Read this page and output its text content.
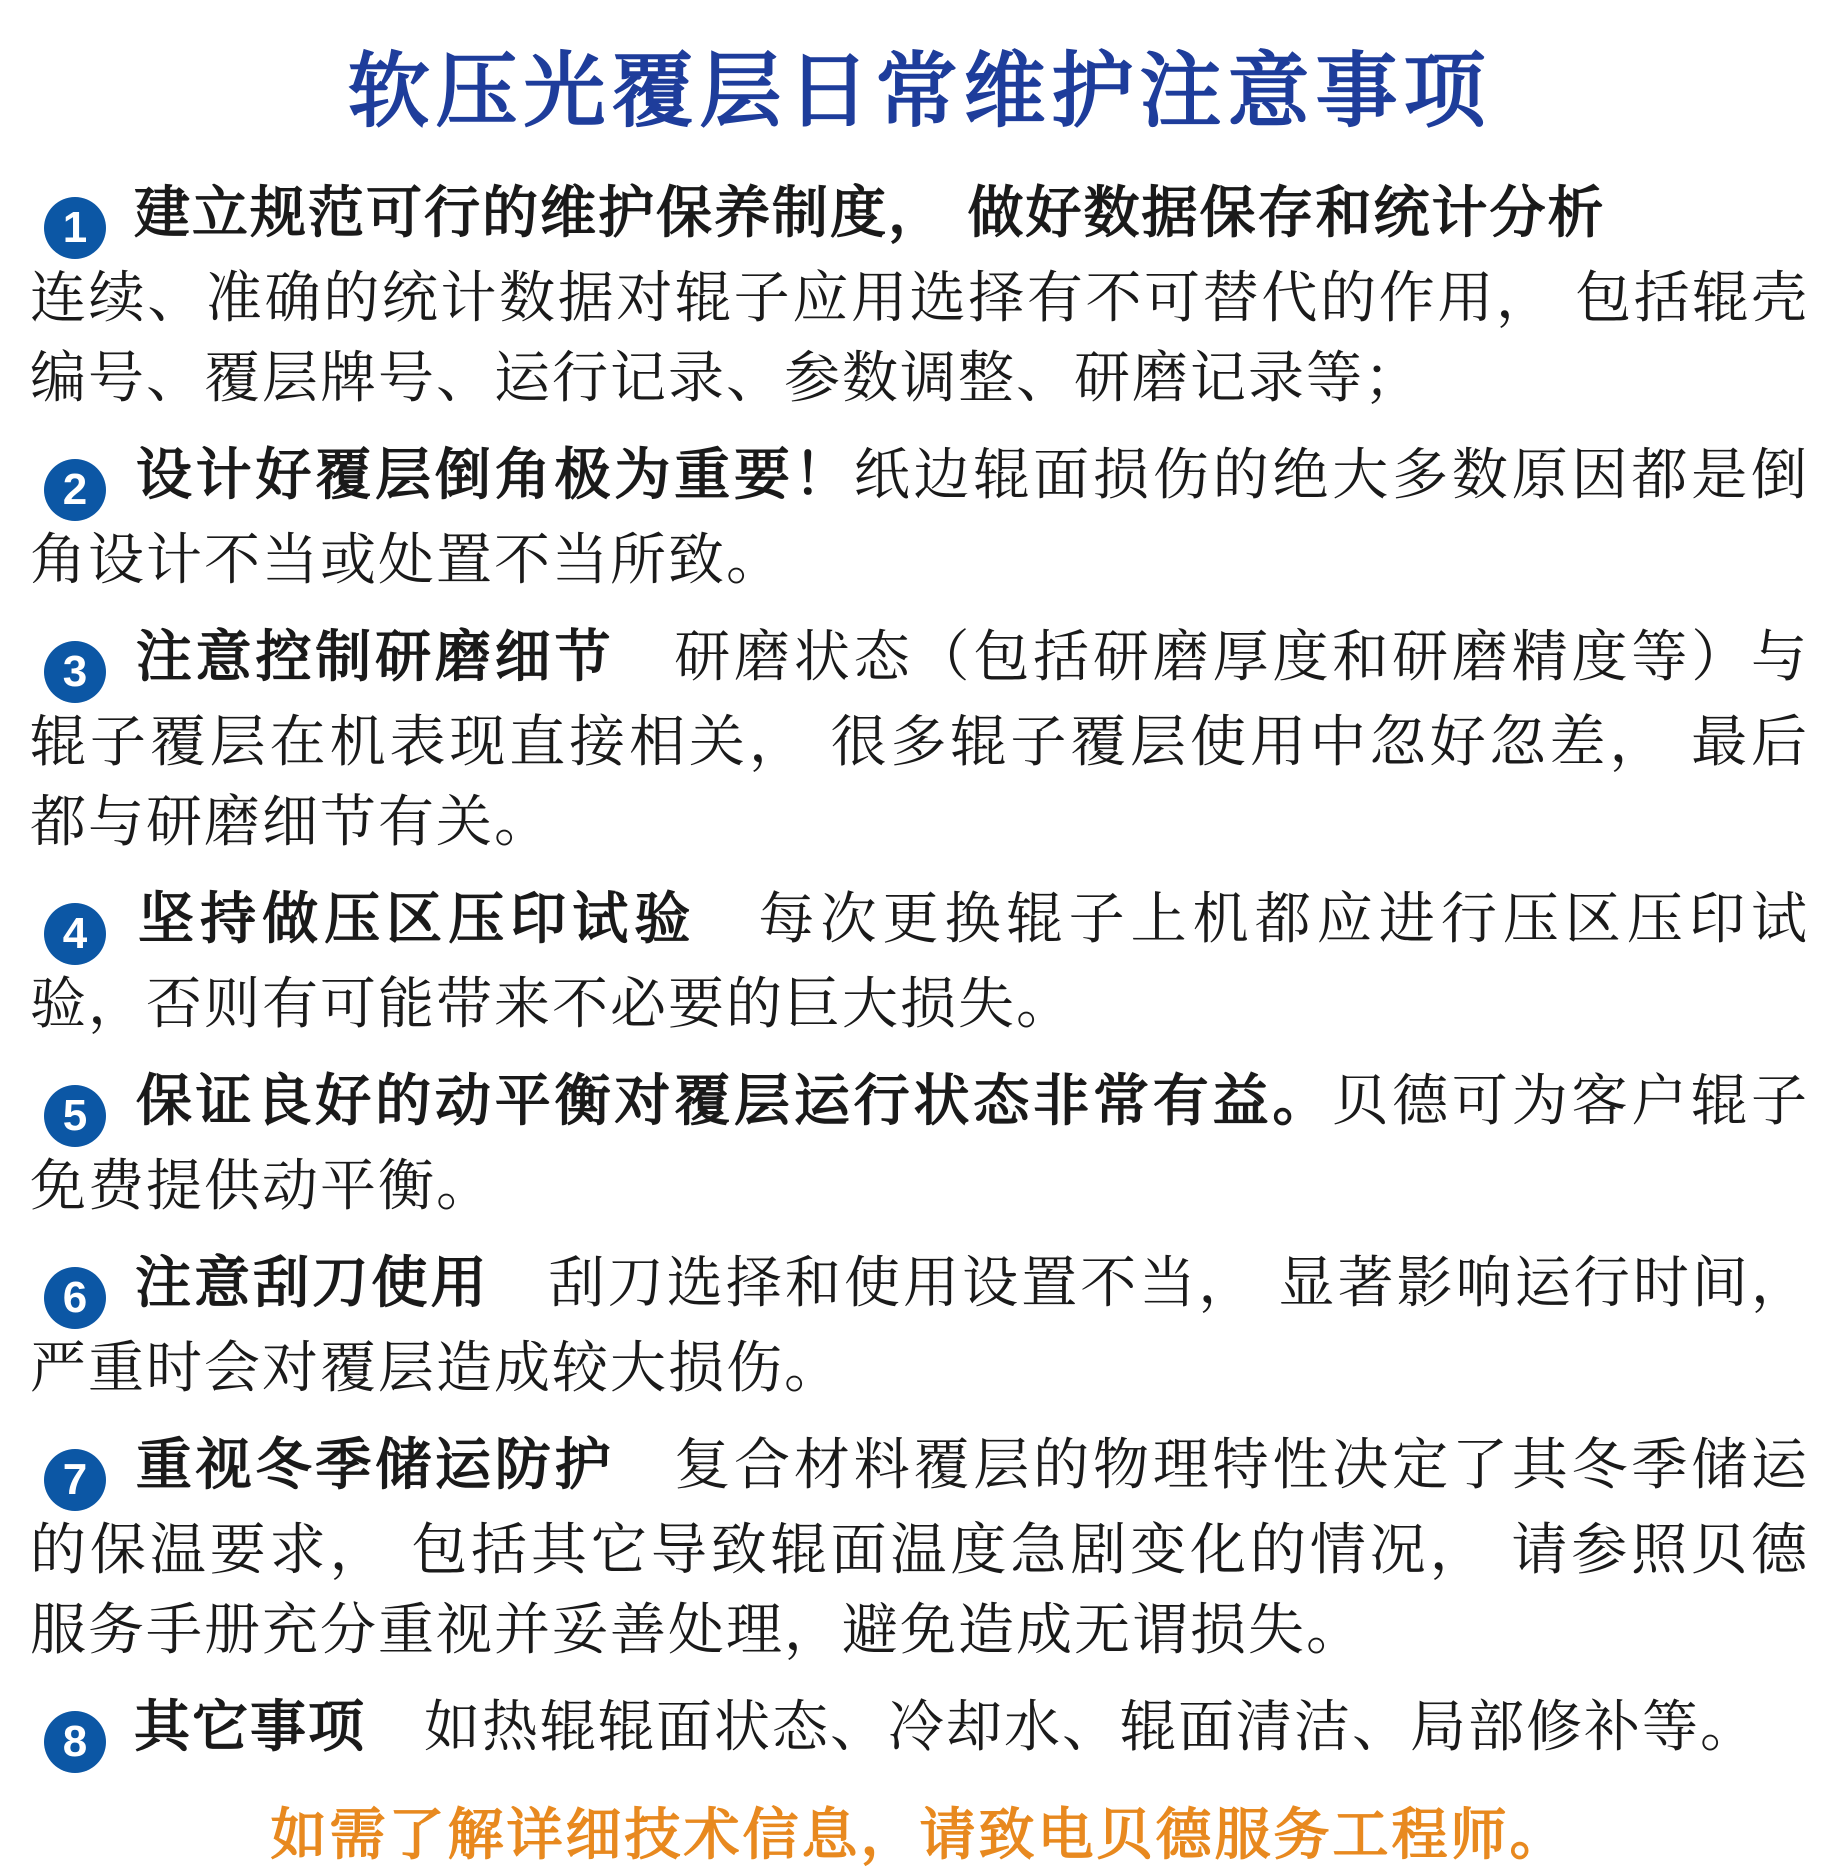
软压光覆层日常维护注意事项

1 建立规范可行的维护保养制度， 做好数据保存和统计分析
连续、准确的统计数据对辊子应用选择有不可替代的作用， 包括辊壳编号、覆层牌号、运行记录、参数调整、研磨记录等；

2 设计好覆层倒角极为重要！纸边辊面损伤的绝大多数原因都是倒角设计不当或处置不当所致。

3 注意控制研磨细节　研磨状态（包括研磨厚度和研磨精度等）与辊子覆层在机表现直接相关， 很多辊子覆层使用中忽好忽差， 最后都与研磨细节有关。

4 坚持做压区压印试验　每次更换辊子上机都应进行压区压印试验，否则有可能带来不必要的巨大损失。

5 保证良好的动平衡对覆层运行状态非常有益。贝德可为客户辊子免费提供动平衡。

6 注意刮刀使用　刮刀选择和使用设置不当， 显著影响运行时间， 严重时会对覆层造成较大损伤。

7 重视冬季储运防护　复合材料覆层的物理特性决定了其冬季储运的保温要求， 包括其它导致辊面温度急剧变化的情况， 请参照贝德服务手册充分重视并妥善处理，避免造成无谓损失。

8 其它事项　如热辊辊面状态、冷却水、辊面清洁、局部修补等。

如需了解详细技术信息，请致电贝德服务工程师。
